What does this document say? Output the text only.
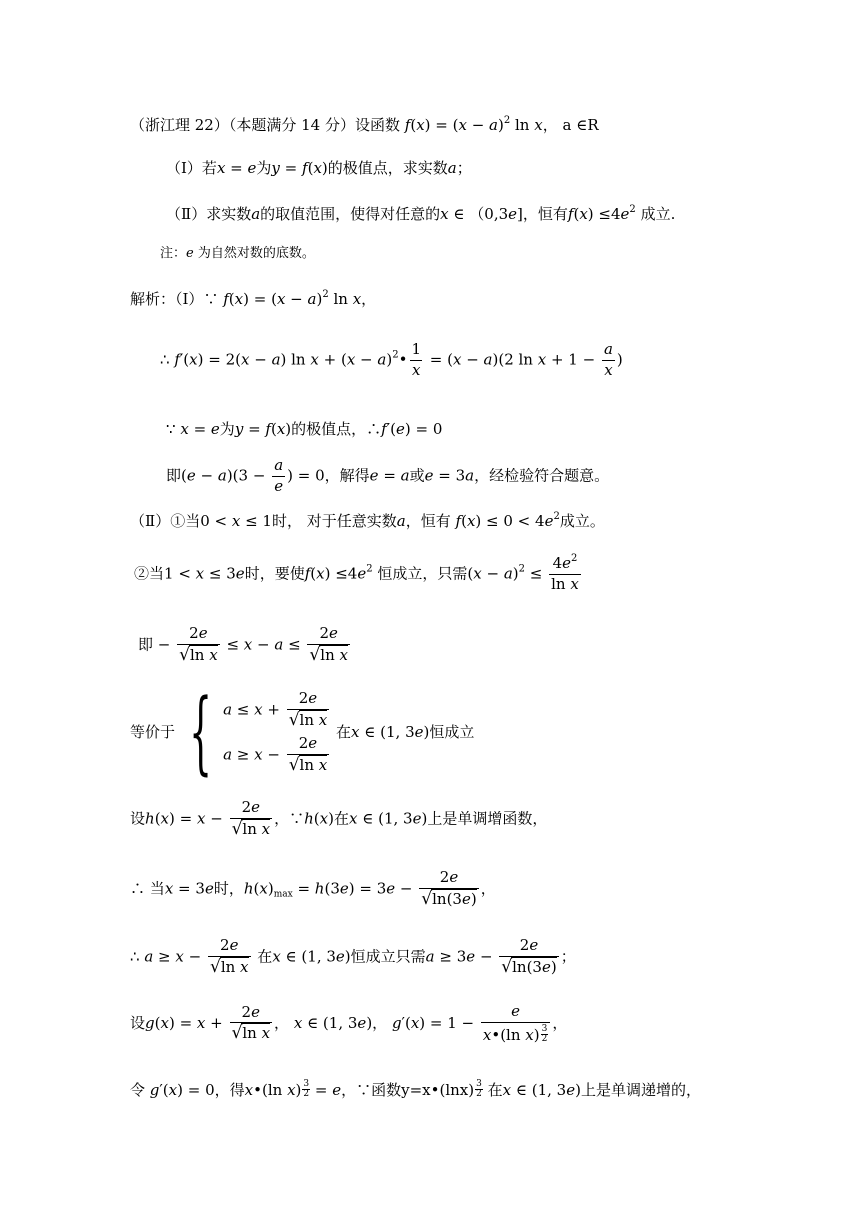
（浙江理 22）（本题满分 14 分）设函数 $f(x) = (x - a)^2$ ln x， a ∈R
（Ⅰ）若x = e为y = f(x)的极值点，求实数a；
（Ⅱ）求实数a的取值范围，使得对任意的x ∈ （0,3e]，恒有$f(x) \le 4e^2$ 成立.
注：e 为自然对数的底数。
解析：（Ⅰ）∵ $f(x) = (x - a)^2$ ln x，
∴ f′(x) = 2(x − a) $\ln x + (x - a)^2• \frac{1}{x} = (x - a)(2$ $\ln x + 1 - \frac{a}{x}$ )
∵ x = e为y = f(x)的极值点，∴f′(e) = 0
即$(e - a)(3 - \frac{a}{e}$ ) = 0，解得e = a或e = 3a，经检验符合题意。
（Ⅱ）①当0 < x ≤ 1时， 对于任意实数a，恒有 $f(x) \le 0 < 4e^2$成立。
②当1 < x ≤ 3e时，要使$f(x) \le 4e^2$ 恒成立，只需$(x - a)^2 \le \frac{4e^2}{\text{ln x}}$
即 − $\frac{2e}{\text{√ln x}} \le x - a \le \frac{2e}{\text{√ln x}}$
等价于 { $a \le x + \frac{2e}{\text{√ln x}}$
$a \ge x - \frac{2e}{\text{√ln x}}$
在x ∈ (1, 3e)恒成立
设$h(x) = x - \frac{2e}{\text{√ln x}}$ ，∵h(x)在x ∈ (1, 3e)上是单调增函数，
∴ 当x = 3e时，$h(x)_{max} = h(3e) = 3e - \frac{2e}{√\ln(3e)}$ ，
∴ $a \ge x - \frac{2e}{\text{√ln x}}$ 在x ∈ (1, 3e)恒成立只需$a \ge 3e - \frac{2e}{√\ln(3e)}$ ；
设$g(x) = x + \frac{2e}{\text{√ln x}}$ ， x ∈ (1, 3e)， $g'(x) = 1 - \frac{e}{x•(\ln x) \frac{3}{2}}$ ，
令 g′(x) = 0，得x•(ln $x) \frac{3}{2} = e$，∵函数y=x•(lnx) $\frac{3}{2}$ 在x ∈ (1, 3e)上是单调递增的，
